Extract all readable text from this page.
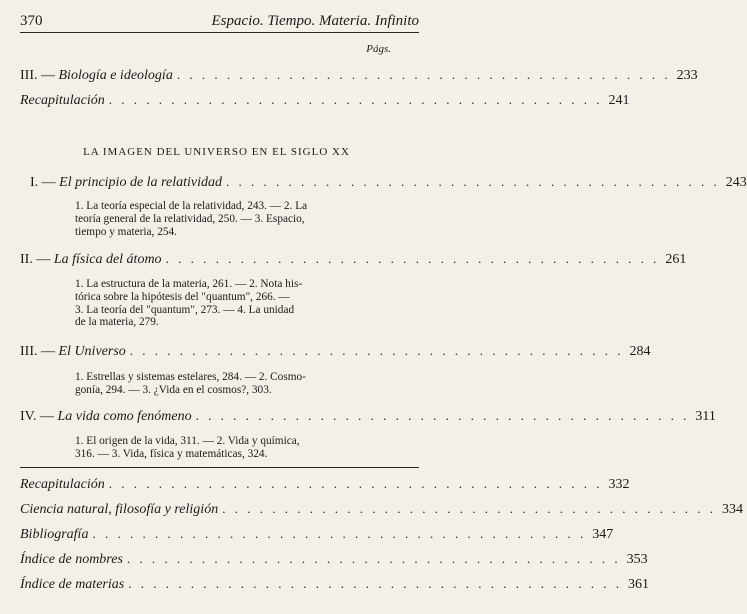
370	Espacio. Tiempo. Materia. Infinito
Págs.
III. — Biología e ideología . . . . . . . . . . . . . . . . . . . . . . . . . . . . . . . . . . . . . . . . 233
Recapitulación . . . . . . . . . . . . . . . . . . . . . . . . . . . . . . . . . . . . . . . . 241
LA IMAGEN DEL UNIVERSO EN EL SIGLO XX
I. — El principio de la relatividad . . . . . . . . . . . . . . . . . . . . . . . . . . . . . . . . . . . . . . . . 243
1. La teoría especial de la relatividad, 243. — 2. La
teoría general de la relatividad, 250. — 3. Espacio,
tiempo y materia, 254.
II. — La física del átomo . . . . . . . . . . . . . . . . . . . . . . . . . . . . . . . . . . . . . . . . 261
1. La estructura de la materia, 261. — 2. Nota his-
tórica sobre la hipótesis del "quantum", 266. —
3. La teoría del "quantum", 273. — 4. La unidad
de la materia, 279.
III. — El Universo . . . . . . . . . . . . . . . . . . . . . . . . . . . . . . . . . . . . . . . . 284
1. Estrellas y sistemas estelares, 284. — 2. Cosmo-
gonía, 294. — 3. ¿Vida en el cosmos?, 303.
IV. — La vida como fenómeno . . . . . . . . . . . . . . . . . . . . . . . . . . . . . . . . . . . . . . . . 311
1. El origen de la vida, 311. — 2. Vida y química,
316. — 3. Vida, física y matemáticas, 324.
Recapitulación . . . . . . . . . . . . . . . . . . . . . . . . . . . . . . . . . . . . . . . . 332
Ciencia natural, filosofía y religión . . . . . . . . . . . . . . . . . . . . . . . . . . . . . . . . . . . . . . . . 334
Bibliografía . . . . . . . . . . . . . . . . . . . . . . . . . . . . . . . . . . . . . . . . 347
Índice de nombres . . . . . . . . . . . . . . . . . . . . . . . . . . . . . . . . . . . . . . . . 353
Índice de materias . . . . . . . . . . . . . . . . . . . . . . . . . . . . . . . . . . . . . . . . 361
